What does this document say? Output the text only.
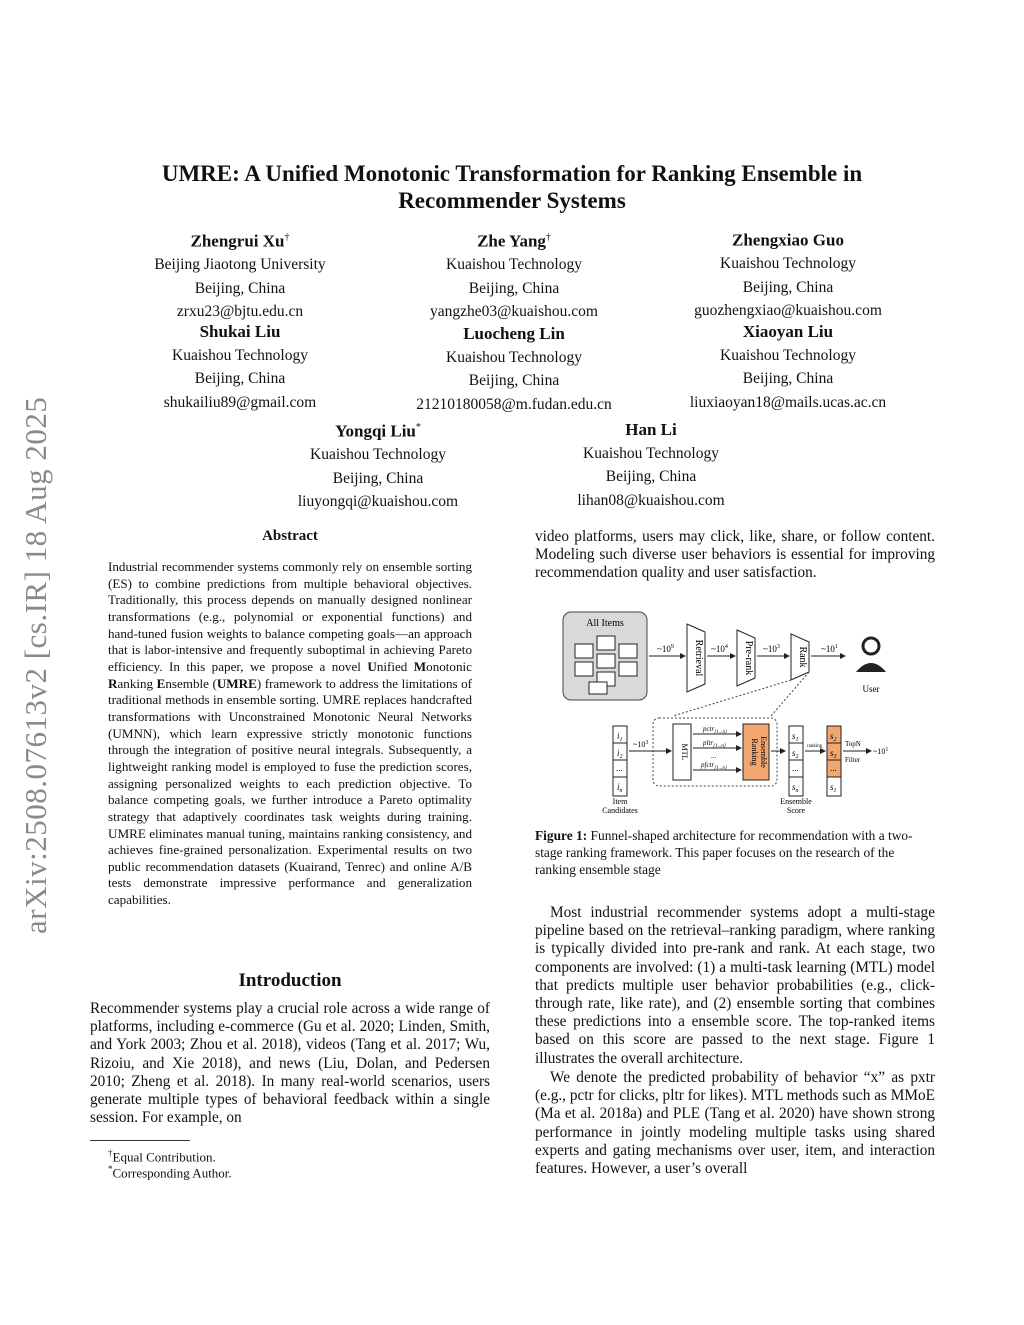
arXiv:2508.07613v2 [cs.IR] 18 Aug 2025
UMRE: A Unified Monotonic Transformation for Ranking Ensemble in
Recommender Systems
Zhengrui Xu†
Beijing Jiaotong University
Beijing, China
zrxu23@bjtu.edu.cn
Zhe Yang†
Kuaishou Technology
Beijing, China
yangzhe03@kuaishou.com
Zhengxiao Guo
Kuaishou Technology
Beijing, China
guozhengxiao@kuaishou.com
Shukai Liu
Kuaishou Technology
Beijing, China
shukailiu89@gmail.com
Luocheng Lin
Kuaishou Technology
Beijing, China
21210180058@m.fudan.edu.cn
Xiaoyan Liu
Kuaishou Technology
Beijing, China
liuxiaoyan18@mails.ucas.ac.cn
Yongqi Liu*
Kuaishou Technology
Beijing, China
liuyongqi@kuaishou.com
Han Li
Kuaishou Technology
Beijing, China
lihan08@kuaishou.com
Abstract
Industrial recommender systems commonly rely on ensemble sorting (ES) to combine predictions from multiple behavioral objectives. Traditionally, this process depends on manually designed nonlinear transformations (e.g., polynomial or exponential functions) and hand-tuned fusion weights to balance competing goals—an approach that is labor-intensive and frequently suboptimal in achieving Pareto efficiency. In this paper, we propose a novel Unified Monotonic Ranking Ensemble (UMRE) framework to address the limitations of traditional methods in ensemble sorting. UMRE replaces handcrafted transformations with Unconstrained Monotonic Neural Networks (UMNN), which learn expressive strictly monotonic functions through the integration of positive neural integrals. Subsequently, a lightweight ranking model is employed to fuse the prediction scores, assigning personalized weights to each prediction objective. To balance competing goals, we further introduce a Pareto optimality strategy that adaptively coordinates task weights during training. UMRE eliminates manual tuning, maintains ranking consistency, and achieves fine-grained personalization. Experimental results on two public recommendation datasets (Kuairand, Tenrec) and online A/B tests demonstrate impressive performance and generalization capabilities.
Introduction
Recommender systems play a crucial role across a wide range of platforms, including e-commerce (Gu et al. 2020; Linden, Smith, and York 2003; Zhou et al. 2018), videos (Tang et al. 2017; Wu, Rizoiu, and Xie 2018), and news (Liu, Dolan, and Pedersen 2010; Zheng et al. 2018). In many real-world scenarios, users generate multiple types of behavioral feedback within a single session. For example, on
†Equal Contribution.
*Corresponding Author.
video platforms, users may click, like, share, or follow content. Modeling such diverse user behaviors is essential for improving recommendation quality and user satisfaction.
All Items
$\sim 10^9$ Retrieval $\sim 10^4$ Pre-rank $\sim 10^3$ Rank $\sim 10^1$
User
$i_1$
$i_2$
...
$i_n$
Item
Candidates
$\sim 10^3$
MTL
pctr$_{[1...n]}$
pltr$_{[1...n]}$
...
pfctr$_{[1...n]}$
Ranking Ensemble
$s_1$
$s_2$
...
$s_n$
Ensemble
Score
ranking
$s_2$
$s_3$
...
$s_1$
TopN
Filter
$\sim 10^1$
Figure 1: Funnel-shaped architecture for recommendation with a two-stage ranking framework. This paper focuses on the research of the ranking ensemble stage
Most industrial recommender systems adopt a multi-stage pipeline based on the retrieval–ranking paradigm, where ranking is typically divided into pre-rank and rank. At each stage, two components are involved: (1) a multi-task learning (MTL) model that predicts multiple user behavior probabilities (e.g., click-through rate, like rate), and (2) ensemble sorting that combines these predictions into a ensemble score. The top-ranked items based on this score are passed to the next stage. Figure 1 illustrates the overall architecture.
We denote the predicted probability of behavior “x” as pxtr (e.g., pctr for clicks, pltr for likes). MTL methods such as MMoE (Ma et al. 2018a) and PLE (Tang et al. 2020) have shown strong performance in jointly modeling multiple tasks using shared experts and gating mechanisms over user, item, and interaction features. However, a user’s overall
